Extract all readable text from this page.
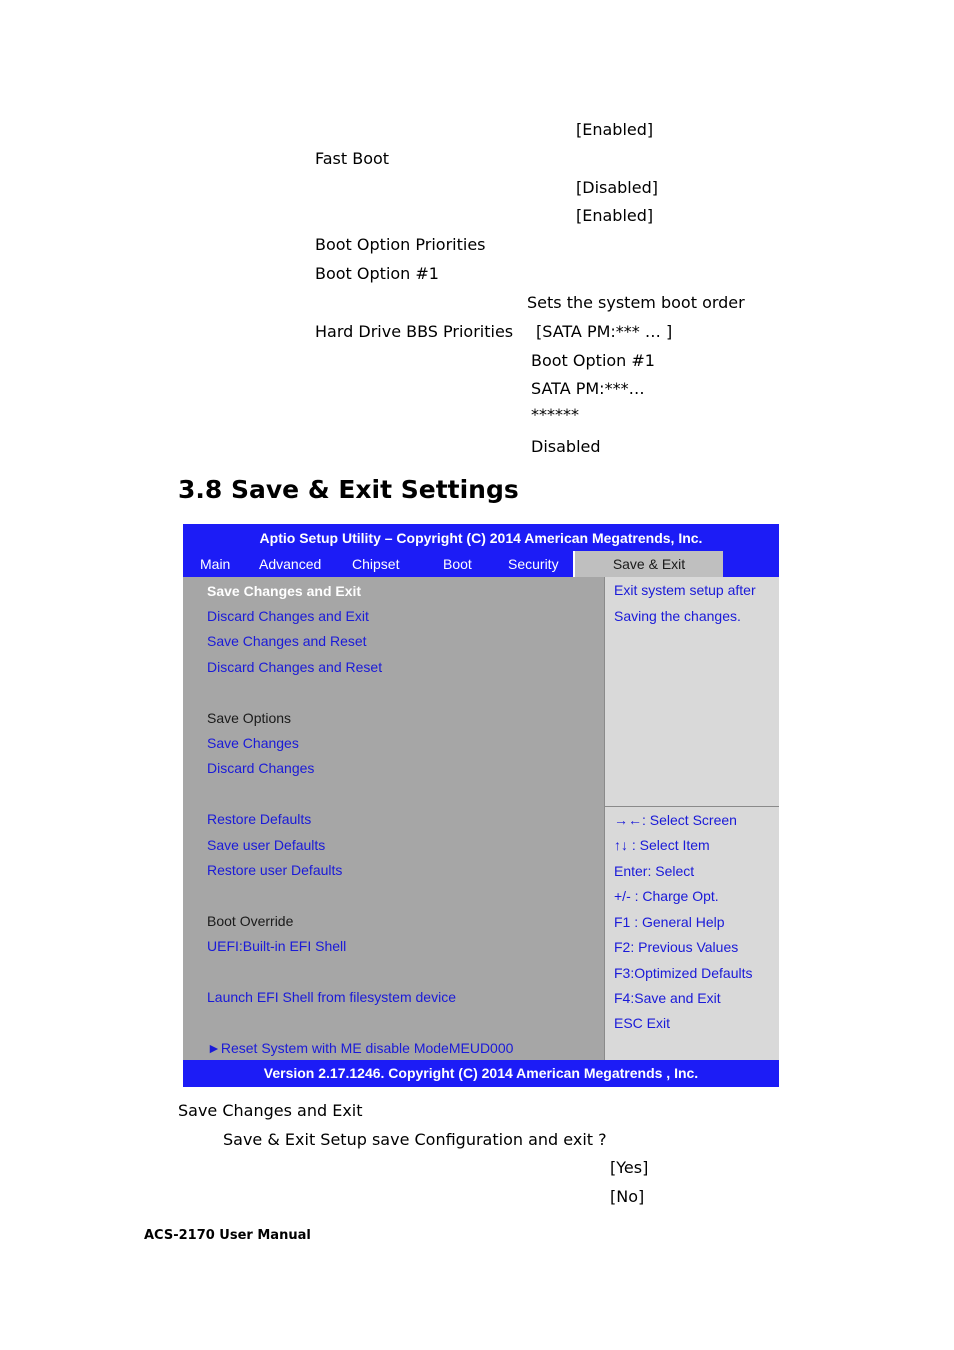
[Enabled]
Fast Boot
[Disabled]
[Enabled]
Boot Option Priorities
Boot Option #1
Sets the system boot order
Hard Drive BBS Priorities [SATA PM:*** … ]
Boot Option #1
SATA PM:***…
******
Disabled
3.8 Save & Exit Settings
Aptio Setup Utility – Copyright (C) 2014 American Megatrends, Inc.
Main Advanced Chipset	Boot	Security	Save & Exit
Save Changes and Exit
Discard Changes and Exit
Save Changes and Reset
Discard Changes and Reset
Save Options
Save Changes
Discard Changes
Restore Defaults
Save user Defaults
Restore user Defaults
Boot Override
UEFI:Built-in EFI Shell
Launch EFI Shell from filesystem device
►Reset System with ME disable ModeMEUD000
Exit system setup after
Saving the changes.
→←: Select Screen
↑↓ : Select Item
Enter: Select
+/- : Charge Opt.
F1 : General Help
F2: Previous Values
F3:Optimized Defaults
F4:Save and Exit
ESC Exit
Version 2.17.1246. Copyright (C) 2014 American Megatrends , Inc.
Save Changes and Exit
Save & Exit Setup save Configuration and exit ?
[Yes]
[No]
ACS-2170 User Manual
